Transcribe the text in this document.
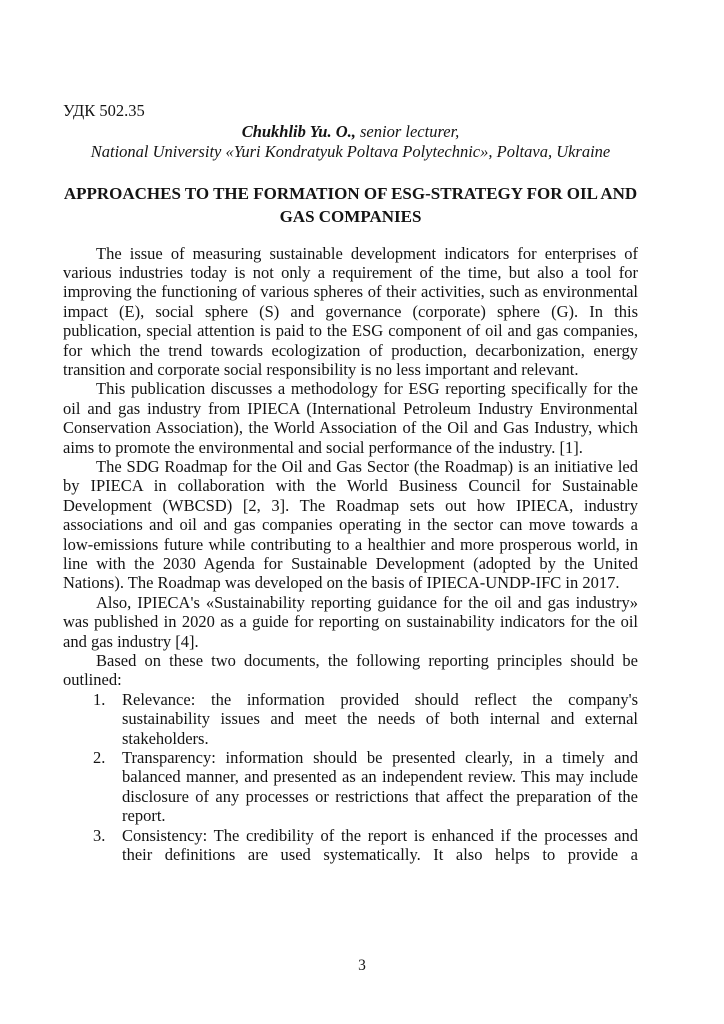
УДК 502.35
Chukhlib Yu. O., senior lecturer,
National University «Yuri Kondratyuk Poltava Polytechnic», Poltava, Ukraine
APPROACHES TO THE FORMATION OF ESG-STRATEGY FOR OIL AND GAS COMPANIES

The issue of measuring sustainable development indicators for enterprises of various industries today is not only a requirement of the time, but also a tool for improving the functioning of various spheres of their activities, such as environmental impact (E), social sphere (S) and governance (corporate) sphere (G). In this publication, special attention is paid to the ESG component of oil and gas companies, for which the trend towards ecologization of production, decarbonization, energy transition and corporate social responsibility is no less important and relevant.

This publication discusses a methodology for ESG reporting specifically for the oil and gas industry from IPIECA (International Petroleum Industry Environmental Conservation Association), the World Association of the Oil and Gas Industry, which aims to promote the environmental and social performance of the industry. [1].

The SDG Roadmap for the Oil and Gas Sector (the Roadmap) is an initiative led by IPIECA in collaboration with the World Business Council for Sustainable Development (WBCSD) [2, 3]. The Roadmap sets out how IPIECA, industry associations and oil and gas companies operating in the sector can move towards a low-emissions future while contributing to a healthier and more prosperous world, in line with the 2030 Agenda for Sustainable Development (adopted by the United Nations). The Roadmap was developed on the basis of IPIECA-UNDP-IFC in 2017.

Also, IPIECA's «Sustainability reporting guidance for the oil and gas industry» was published in 2020 as a guide for reporting on sustainability indicators for the oil and gas industry [4].

Based on these two documents, the following reporting principles should be outlined:

1. Relevance: the information provided should reflect the company's sustainability issues and meet the needs of both internal and external stakeholders.
2. Transparency: information should be presented clearly, in a timely and balanced manner, and presented as an independent review. This may include disclosure of any processes or restrictions that affect the preparation of the report.
3. Consistency: The credibility of the report is enhanced if the processes and their definitions are used systematically. It also helps to provide a
3
